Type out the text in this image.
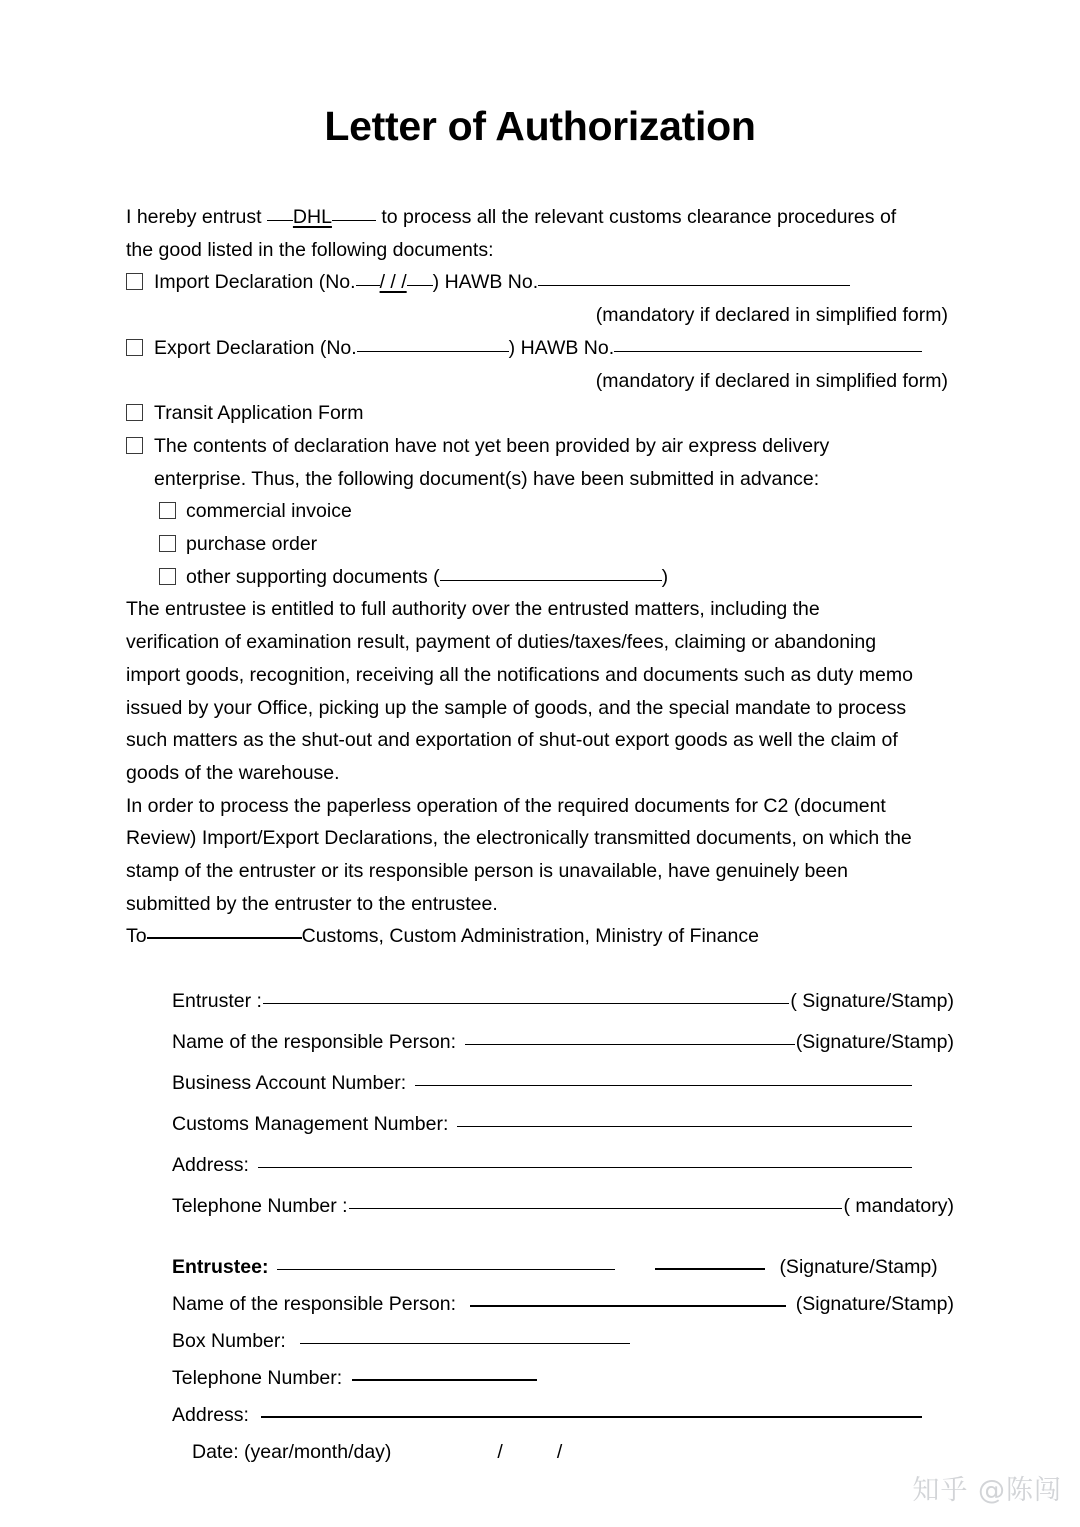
Letter of Authorization
I hereby entrust DHL	to process all the relevant customs clearance procedures of
the good listed in the following documents:
Import Declaration (No. / / / ) HAWB No.
(mandatory if declared in simplified form)
Export Declaration (No.	) HAWB No.
(mandatory if declared in simplified form)
Transit Application Form
The contents of declaration have not yet been provided by air express delivery
enterprise. Thus, the following document(s) have been submitted in advance:
commercial invoice
purchase order
other supporting documents (	)
The entrustee is entitled to full authority over the entrusted matters, including the
verification of examination result, payment of duties/taxes/fees, claiming or abandoning
import goods, recognition, receiving all the notifications and documents such as duty memo
issued by your Office, picking up the sample of goods, and the special mandate to process
such matters as the shut-out and exportation of shut-out export goods as well the claim of
goods of the warehouse.
In order to process the paperless operation of the required documents for C2 (document
Review) Import/Export Declarations, the electronically transmitted documents, on which the
stamp of the entruster or its responsible person is unavailable, have genuinely been
submitted by the entruster to the entrustee.
To	Customs, Custom Administration, Ministry of Finance
Entruster :	( Signature/Stamp)
Name of the responsible Person:	(Signature/Stamp)
Business Account Number:
Customs Management Number:
Address:
Telephone Number :	( mandatory)
Entrustee:	(Signature/Stamp)
Name of the responsible Person:	(Signature/Stamp)
Box Number:
Telephone Number:
Address:
Date: (year/month/day)	/	/
知乎 @陈闯
